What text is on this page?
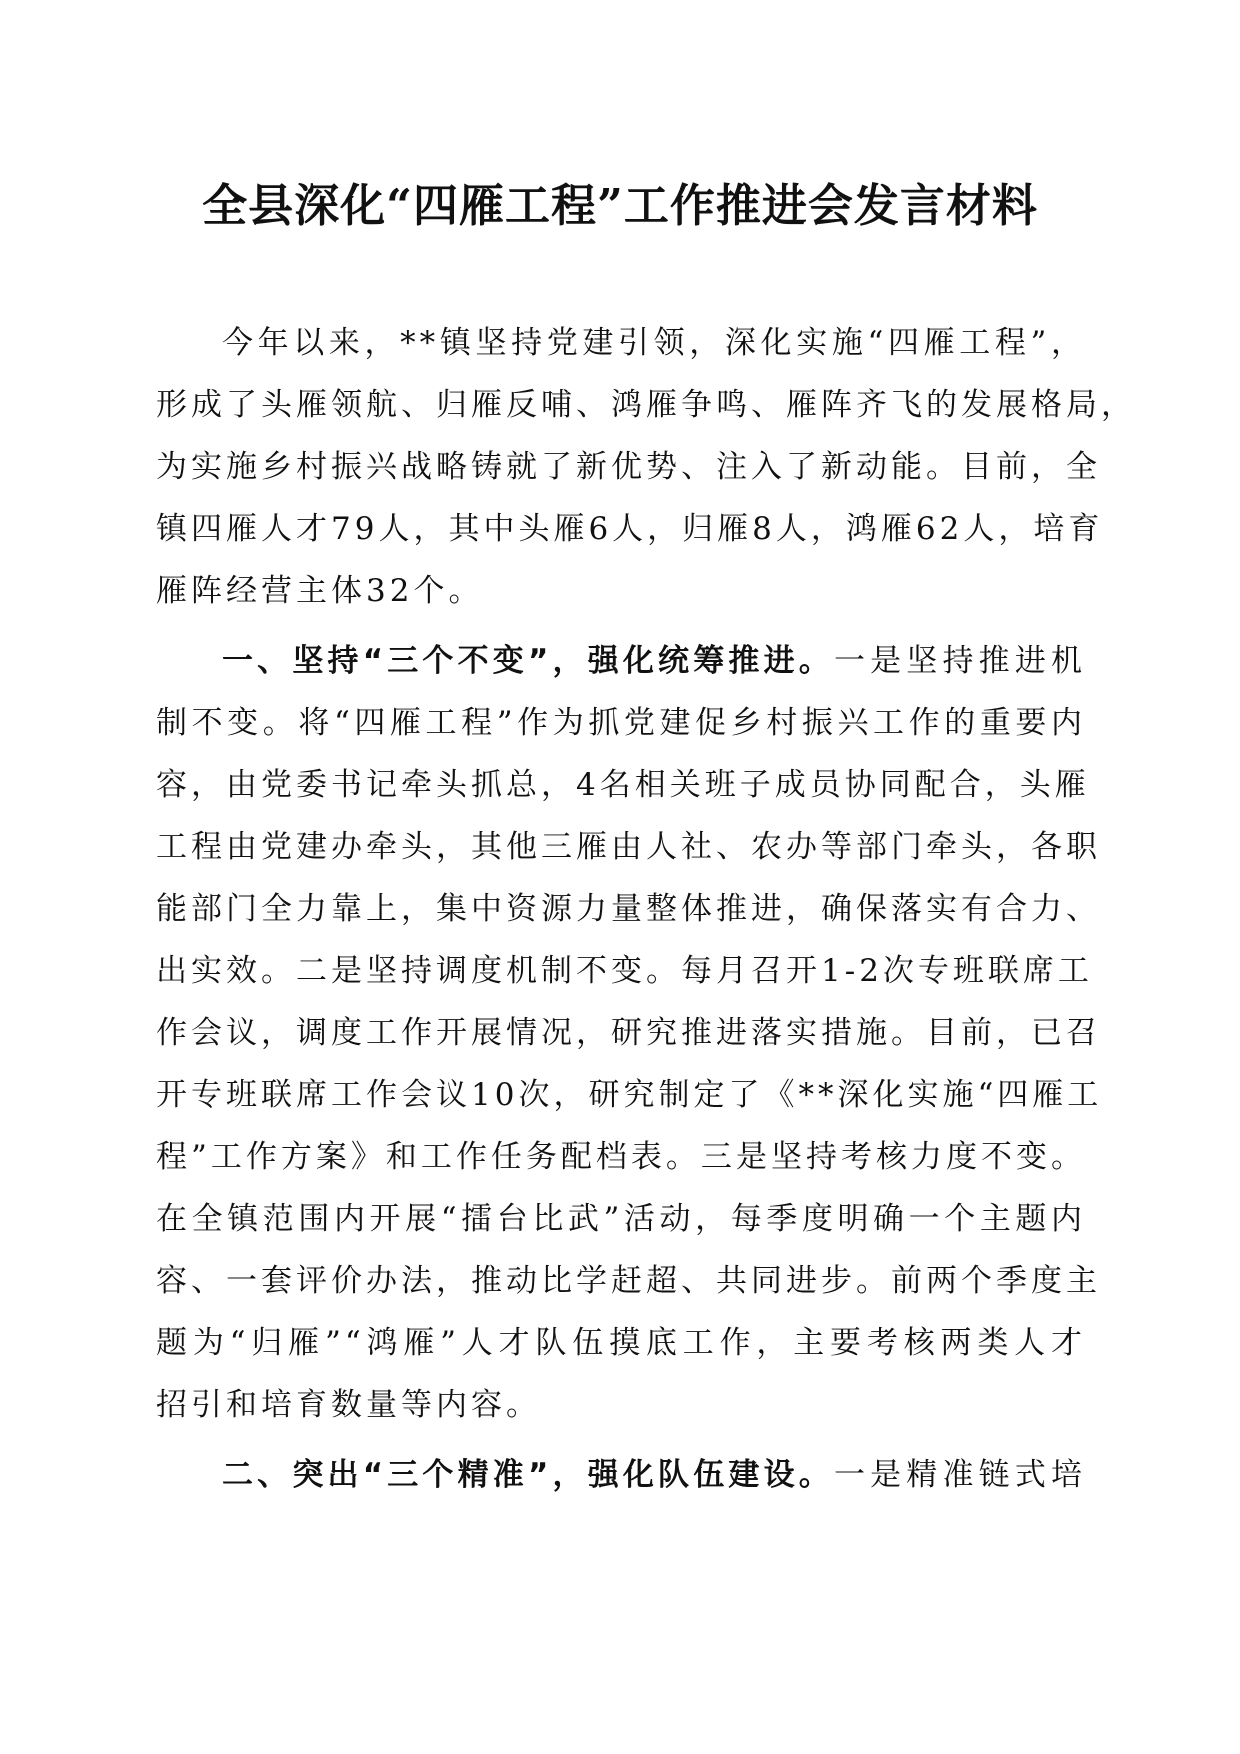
全县深化“四雁工程”工作推进会发言材料
今年以来，**镇坚持党建引领，深化实施“四雁工程”，
形成了头雁领航、归雁反哺、鸿雁争鸣、雁阵齐飞的发展格局，
为实施乡村振兴战略铸就了新优势、注入了新动能。目前，全
镇四雁人才79人，其中头雁6人，归雁8人，鸿雁62人，培育
雁阵经营主体32个。
一、坚持“三个不变”，强化统筹推进。一是坚持推进机
制不变。将“四雁工程”作为抓党建促乡村振兴工作的重要内
容，由党委书记牵头抓总，4名相关班子成员协同配合，头雁
工程由党建办牵头，其他三雁由人社、农办等部门牵头，各职
能部门全力靠上，集中资源力量整体推进，确保落实有合力、
出实效。二是坚持调度机制不变。每月召开1-2次专班联席工
作会议，调度工作开展情况，研究推进落实措施。目前，已召
开专班联席工作会议10次，研究制定了《**深化实施“四雁工
程”工作方案》和工作任务配档表。三是坚持考核力度不变。
在全镇范围内开展“擂台比武”活动，每季度明确一个主题内
容、一套评价办法，推动比学赶超、共同进步。前两个季度主
题为“归雁”“鸿雁”人才队伍摸底工作，主要考核两类人才
招引和培育数量等内容。
二、突出“三个精准”，强化队伍建设。一是精准链式培
